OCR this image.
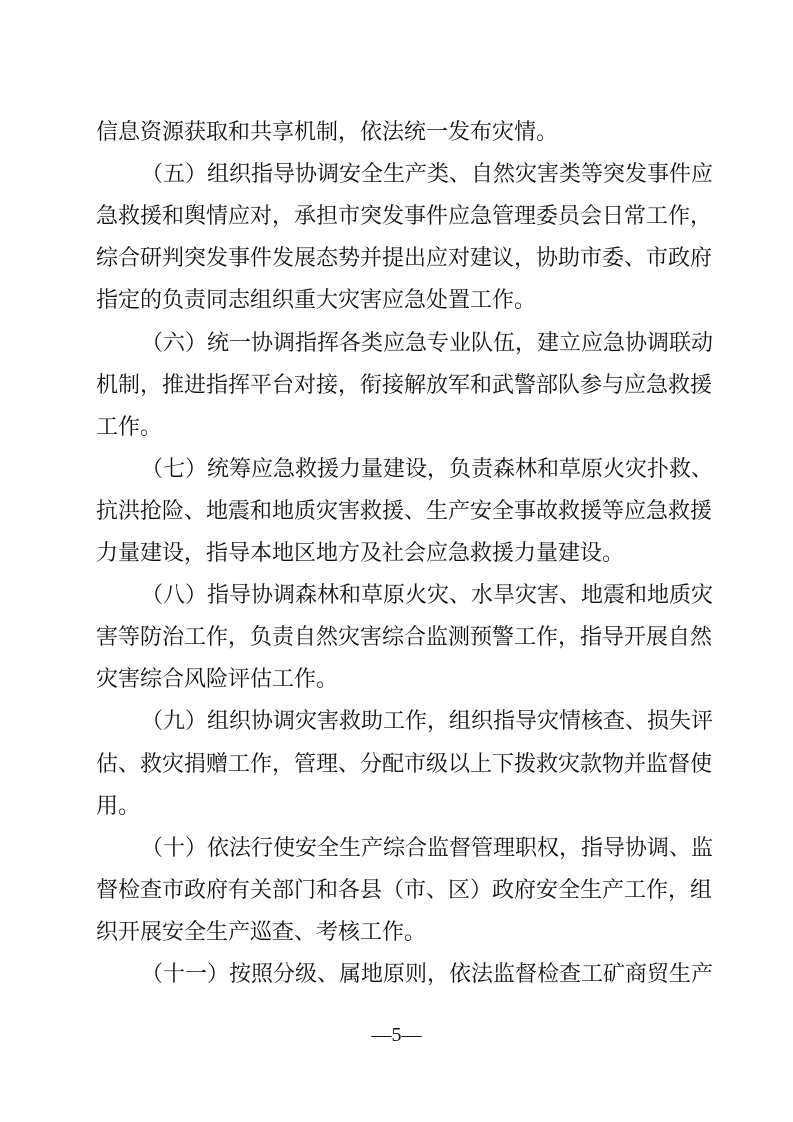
信息资源获取和共享机制，依法统一发布灾情。
（五）组织指导协调安全生产类、自然灾害类等突发事件应
急救援和舆情应对，承担市突发事件应急管理委员会日常工作，
综合研判突发事件发展态势并提出应对建议，协助市委、市政府
指定的负责同志组织重大灾害应急处置工作。
（六）统一协调指挥各类应急专业队伍，建立应急协调联动
机制，推进指挥平台对接，衔接解放军和武警部队参与应急救援
工作。
（七）统筹应急救援力量建设，负责森林和草原火灾扑救、
抗洪抢险、地震和地质灾害救援、生产安全事故救援等应急救援
力量建设，指导本地区地方及社会应急救援力量建设。
（八）指导协调森林和草原火灾、水旱灾害、地震和地质灾
害等防治工作，负责自然灾害综合监测预警工作，指导开展自然
灾害综合风险评估工作。
（九）组织协调灾害救助工作，组织指导灾情核查、损失评
估、救灾捐赠工作，管理、分配市级以上下拨救灾款物并监督使
用。
（十）依法行使安全生产综合监督管理职权，指导协调、监
督检查市政府有关部门和各县（市、区）政府安全生产工作，组
织开展安全生产巡查、考核工作。
（十一）按照分级、属地原则，依法监督检查工矿商贸生产
—5—
